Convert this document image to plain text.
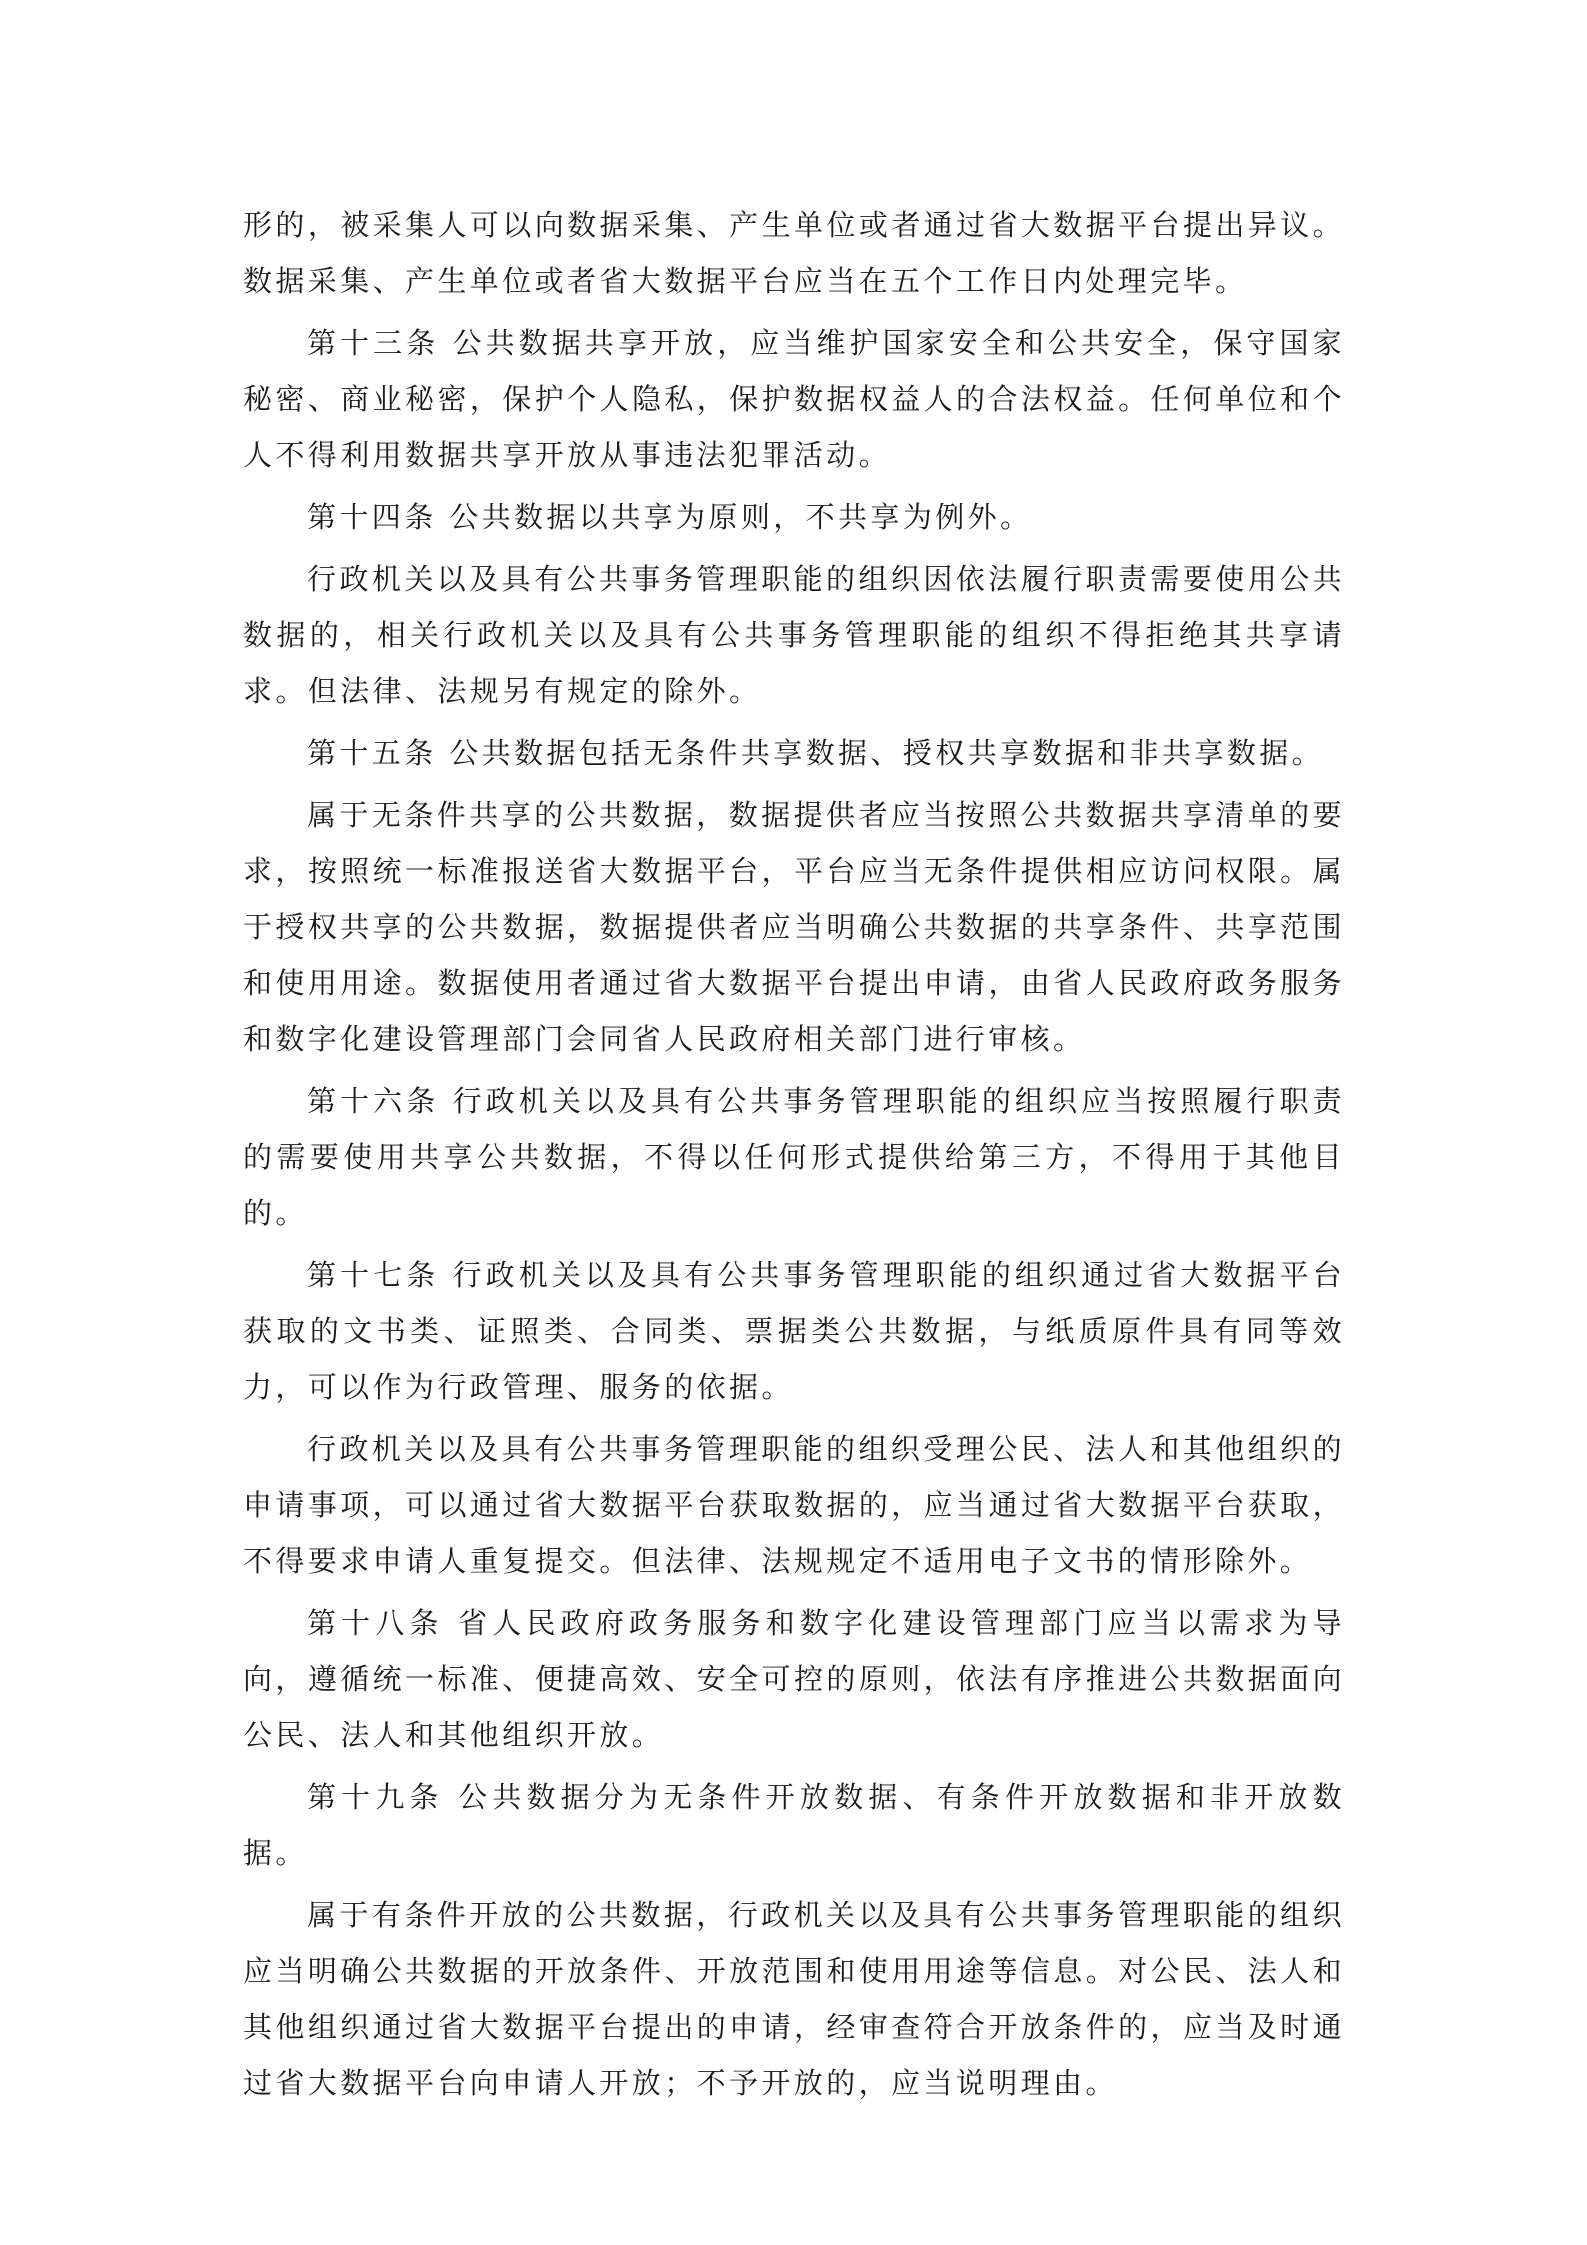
形的，被采集人可以向数据采集、产生单位或者通过省大数据平台提出异议。数据采集、产生单位或者省大数据平台应当在五个工作日内处理完毕。

第十三条 公共数据共享开放，应当维护国家安全和公共安全，保守国家秘密、商业秘密，保护个人隐私，保护数据权益人的合法权益。任何单位和个人不得利用数据共享开放从事违法犯罪活动。

第十四条 公共数据以共享为原则，不共享为例外。

行政机关以及具有公共事务管理职能的组织因依法履行职责需要使用公共数据的，相关行政机关以及具有公共事务管理职能的组织不得拒绝其共享请求。但法律、法规另有规定的除外。

第十五条 公共数据包括无条件共享数据、授权共享数据和非共享数据。

属于无条件共享的公共数据，数据提供者应当按照公共数据共享清单的要求，按照统一标准报送省大数据平台，平台应当无条件提供相应访问权限。属于授权共享的公共数据，数据提供者应当明确公共数据的共享条件、共享范围和使用用途。数据使用者通过省大数据平台提出申请，由省人民政府政务服务和数字化建设管理部门会同省人民政府相关部门进行审核。

第十六条 行政机关以及具有公共事务管理职能的组织应当按照履行职责的需要使用共享公共数据，不得以任何形式提供给第三方，不得用于其他目的。

第十七条 行政机关以及具有公共事务管理职能的组织通过省大数据平台获取的文书类、证照类、合同类、票据类公共数据，与纸质原件具有同等效力，可以作为行政管理、服务的依据。

行政机关以及具有公共事务管理职能的组织受理公民、法人和其他组织的申请事项，可以通过省大数据平台获取数据的，应当通过省大数据平台获取，不得要求申请人重复提交。但法律、法规规定不适用电子文书的情形除外。

第十八条 省人民政府政务服务和数字化建设管理部门应当以需求为导向，遵循统一标准、便捷高效、安全可控的原则，依法有序推进公共数据面向公民、法人和其他组织开放。

第十九条 公共数据分为无条件开放数据、有条件开放数据和非开放数据。

属于有条件开放的公共数据，行政机关以及具有公共事务管理职能的组织应当明确公共数据的开放条件、开放范围和使用用途等信息。对公民、法人和其他组织通过省大数据平台提出的申请，经审查符合开放条件的，应当及时通过省大数据平台向申请人开放；不予开放的，应当说明理由。
